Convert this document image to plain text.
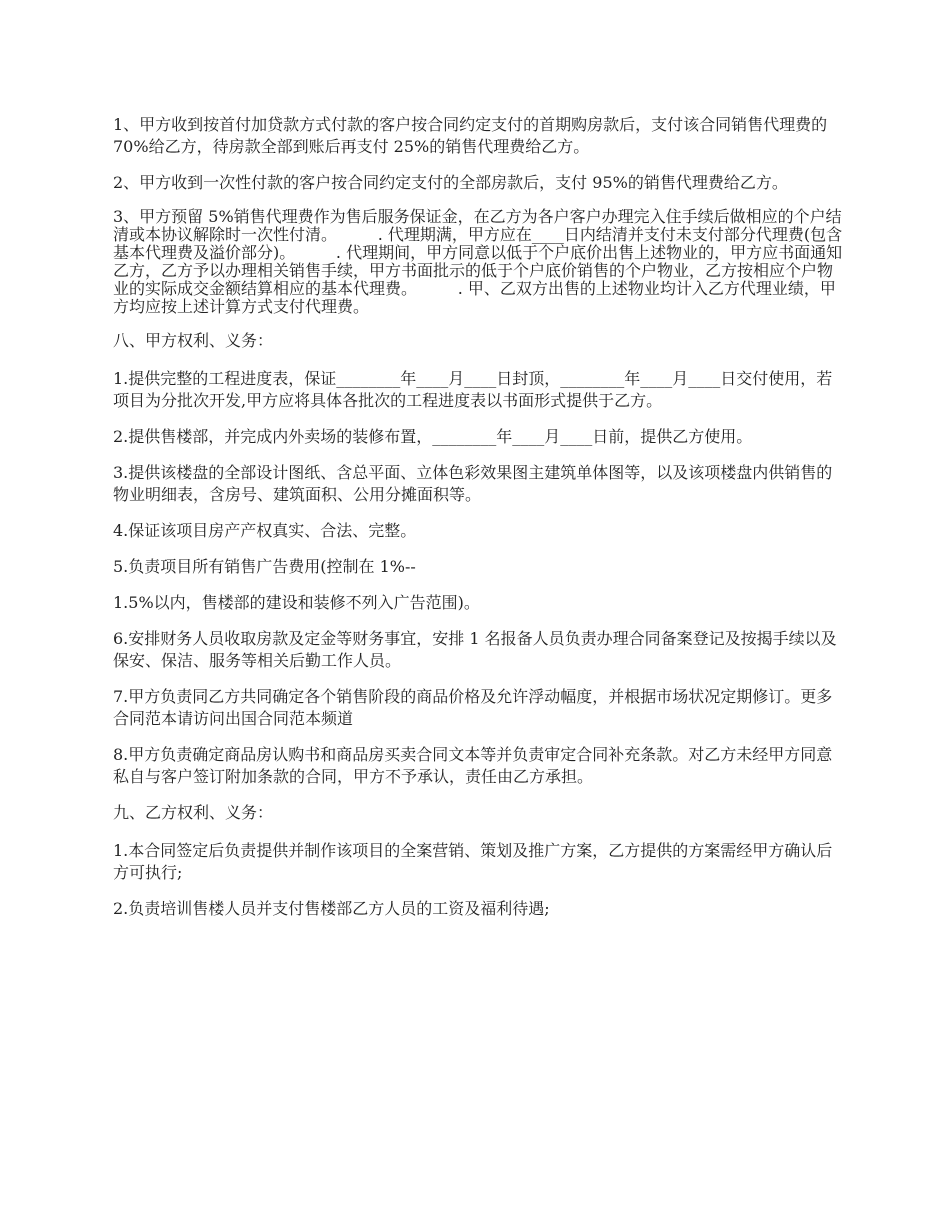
1、甲方收到按首付加贷款方式付款的客户按合同约定支付的首期购房款后，支付该合同销售代理费的 70%给乙方，待房款全部到账后再支付 25%的销售代理费给乙方。

2、甲方收到一次性付款的客户按合同约定支付的全部房款后，支付 95%的销售代理费给乙方。

3、甲方预留 5%销售代理费作为售后服务保证金，在乙方为各户客户办理完入住手续后做相应的个户结清或本协议解除时一次性付清。        . 代理期满，甲方应在____日内结清并支付未支付部分代理费(包含基本代理费及溢价部分)。        . 代理期间，甲方同意以低于个户底价出售上述物业的，甲方应书面通知乙方，乙方予以办理相关销售手续，甲方书面批示的低于个户底价销售的个户物业，乙方按相应个户物业的实际成交金额结算相应的基本代理费。        . 甲、乙双方出售的上述物业均计入乙方代理业绩，甲方均应按上述计算方式支付代理费。

八、甲方权利、义务：

1.提供完整的工程进度表，保证________年____月____日封顶，________年____月____日交付使用，若项目为分批次开发,甲方应将具体各批次的工程进度表以书面形式提供于乙方。

2.提供售楼部，并完成内外卖场的装修布置，________年____月____日前，提供乙方使用。

3.提供该楼盘的全部设计图纸、含总平面、立体色彩效果图主建筑单体图等，以及该项楼盘内供销售的物业明细表，含房号、建筑面积、公用分摊面积等。

4.保证该项目房产产权真实、合法、完整。

5.负责项目所有销售广告费用(控制在 1%--

1.5%以内，售楼部的建设和装修不列入广告范围)。

6.安排财务人员收取房款及定金等财务事宜，安排 1 名报备人员负责办理合同备案登记及按揭手续以及保安、保洁、服务等相关后勤工作人员。

7.甲方负责同乙方共同确定各个销售阶段的商品价格及允许浮动幅度，并根据市场状况定期修订。更多合同范本请访问出国合同范本频道

8.甲方负责确定商品房认购书和商品房买卖合同文本等并负责审定合同补充条款。对乙方未经甲方同意私自与客户签订附加条款的合同，甲方不予承认，责任由乙方承担。

九、乙方权利、义务：

1.本合同签定后负责提供并制作该项目的全案营销、策划及推广方案，乙方提供的方案需经甲方确认后方可执行;

2.负责培训售楼人员并支付售楼部乙方人员的工资及福利待遇;
